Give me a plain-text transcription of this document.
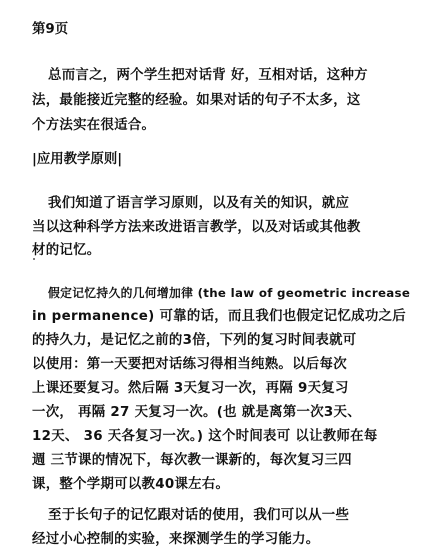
第9页
总而言之，两个学生把对话背 好，互相对话，这种方
法，最能接近完整的经验。如果对话的句子不太多，这
个方法实在很适合。
|应用教学原则|
我们知道了语言学习原则，以及有关的知识，就应
当以这种科学方法来改进语言教学，以及对话或其他教
材的记忆。
假定记忆持久的几何增加律 (the law of geometric increase
in permanence) 可靠的话，而且我们也假定记忆成功之后
的持久力，是记忆之前的3倍，下列的复习时间表就可
以使用：第一天要把对话练习得相当纯熟。以后每次
上课还要复习。然后隔 3天复习一次，再隔 9天复习
一次， 再隔 27 天复习一次。(也 就是离第一次3天、
12天、 36 天各复习一次。) 这个时间表可 以让教师在每
週 三节课的情况下，每次教一课新的，每次复习三四
课，整个学期可以教40课左右。
至于长句子的记忆跟对话的使用，我们可以从一些
经过小心控制的实验，来探测学生的学习能力。
